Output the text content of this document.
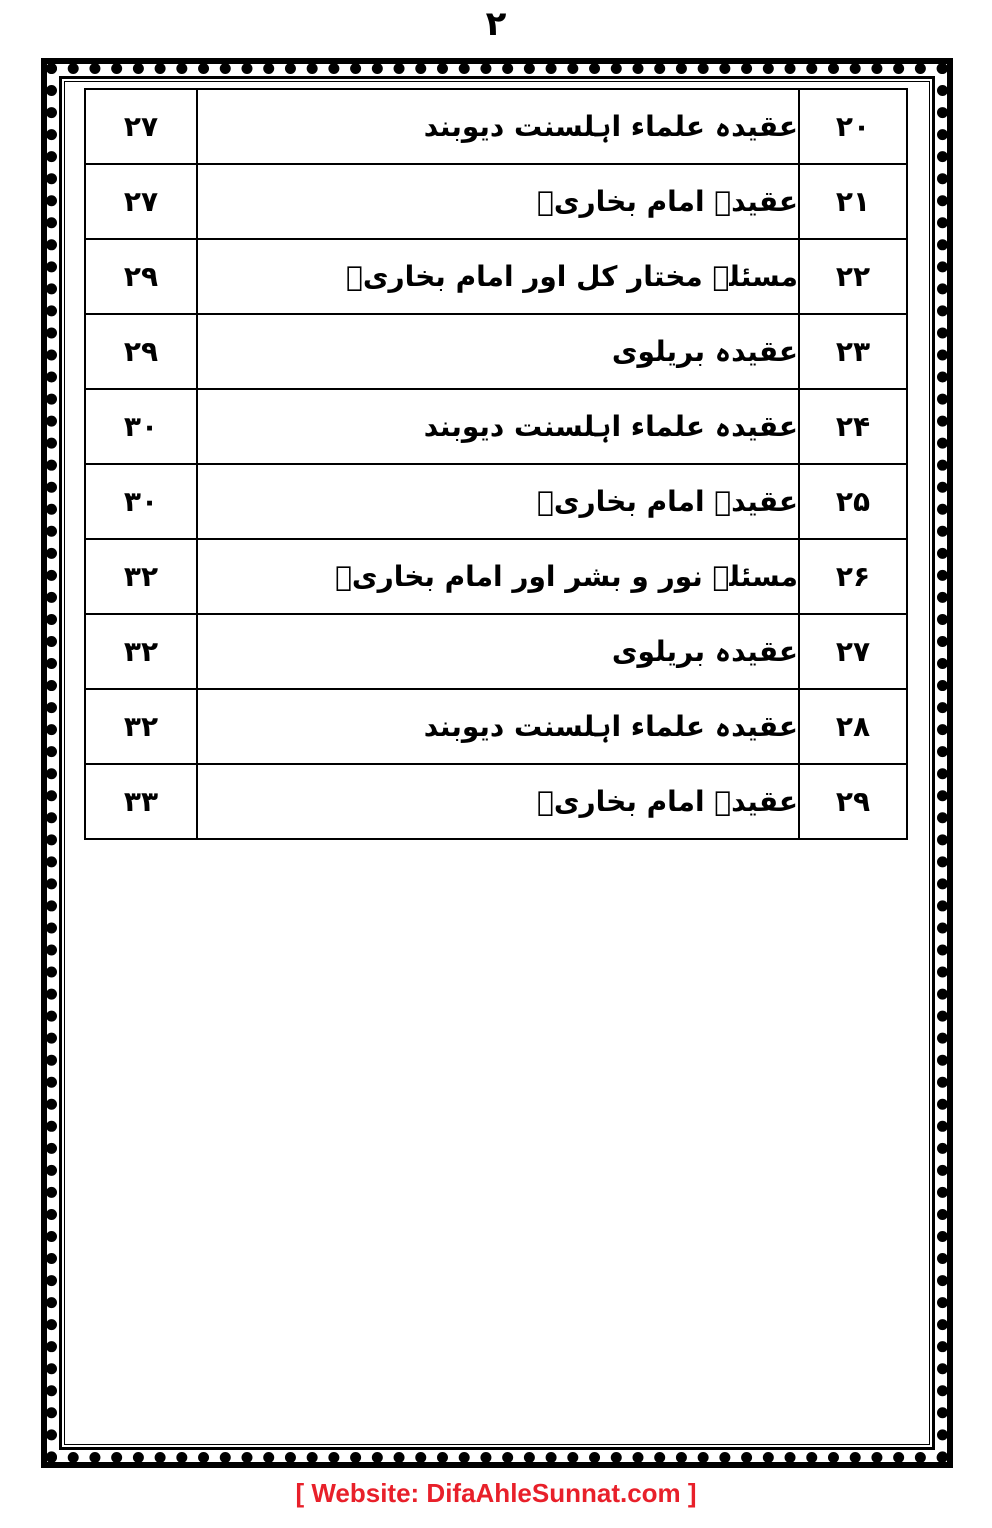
۲
۲۷	عقیدہ علماء اہلسنت دیوبند	۲۰
۲۷	عقیدہ امام بخاریؒ	۲۱
۲۹	مسئلہ مختار کل اور امام بخاریؒ	۲۲
۲۹	عقیدہ بریلوی	۲۳
۳۰	عقیدہ علماء اہلسنت دیوبند	۲۴
۳۰	عقیدہ امام بخاریؒ	۲۵
۳۲	مسئلہ نور و بشر اور امام بخاریؒ	۲۶
۳۲	عقیدہ بریلوی	۲۷
۳۲	عقیدہ علماء اہلسنت دیوبند	۲۸
۳۳	عقیدہ امام بخاریؒ	۲۹
[ Website: DifaAhleSunnat.com ]
